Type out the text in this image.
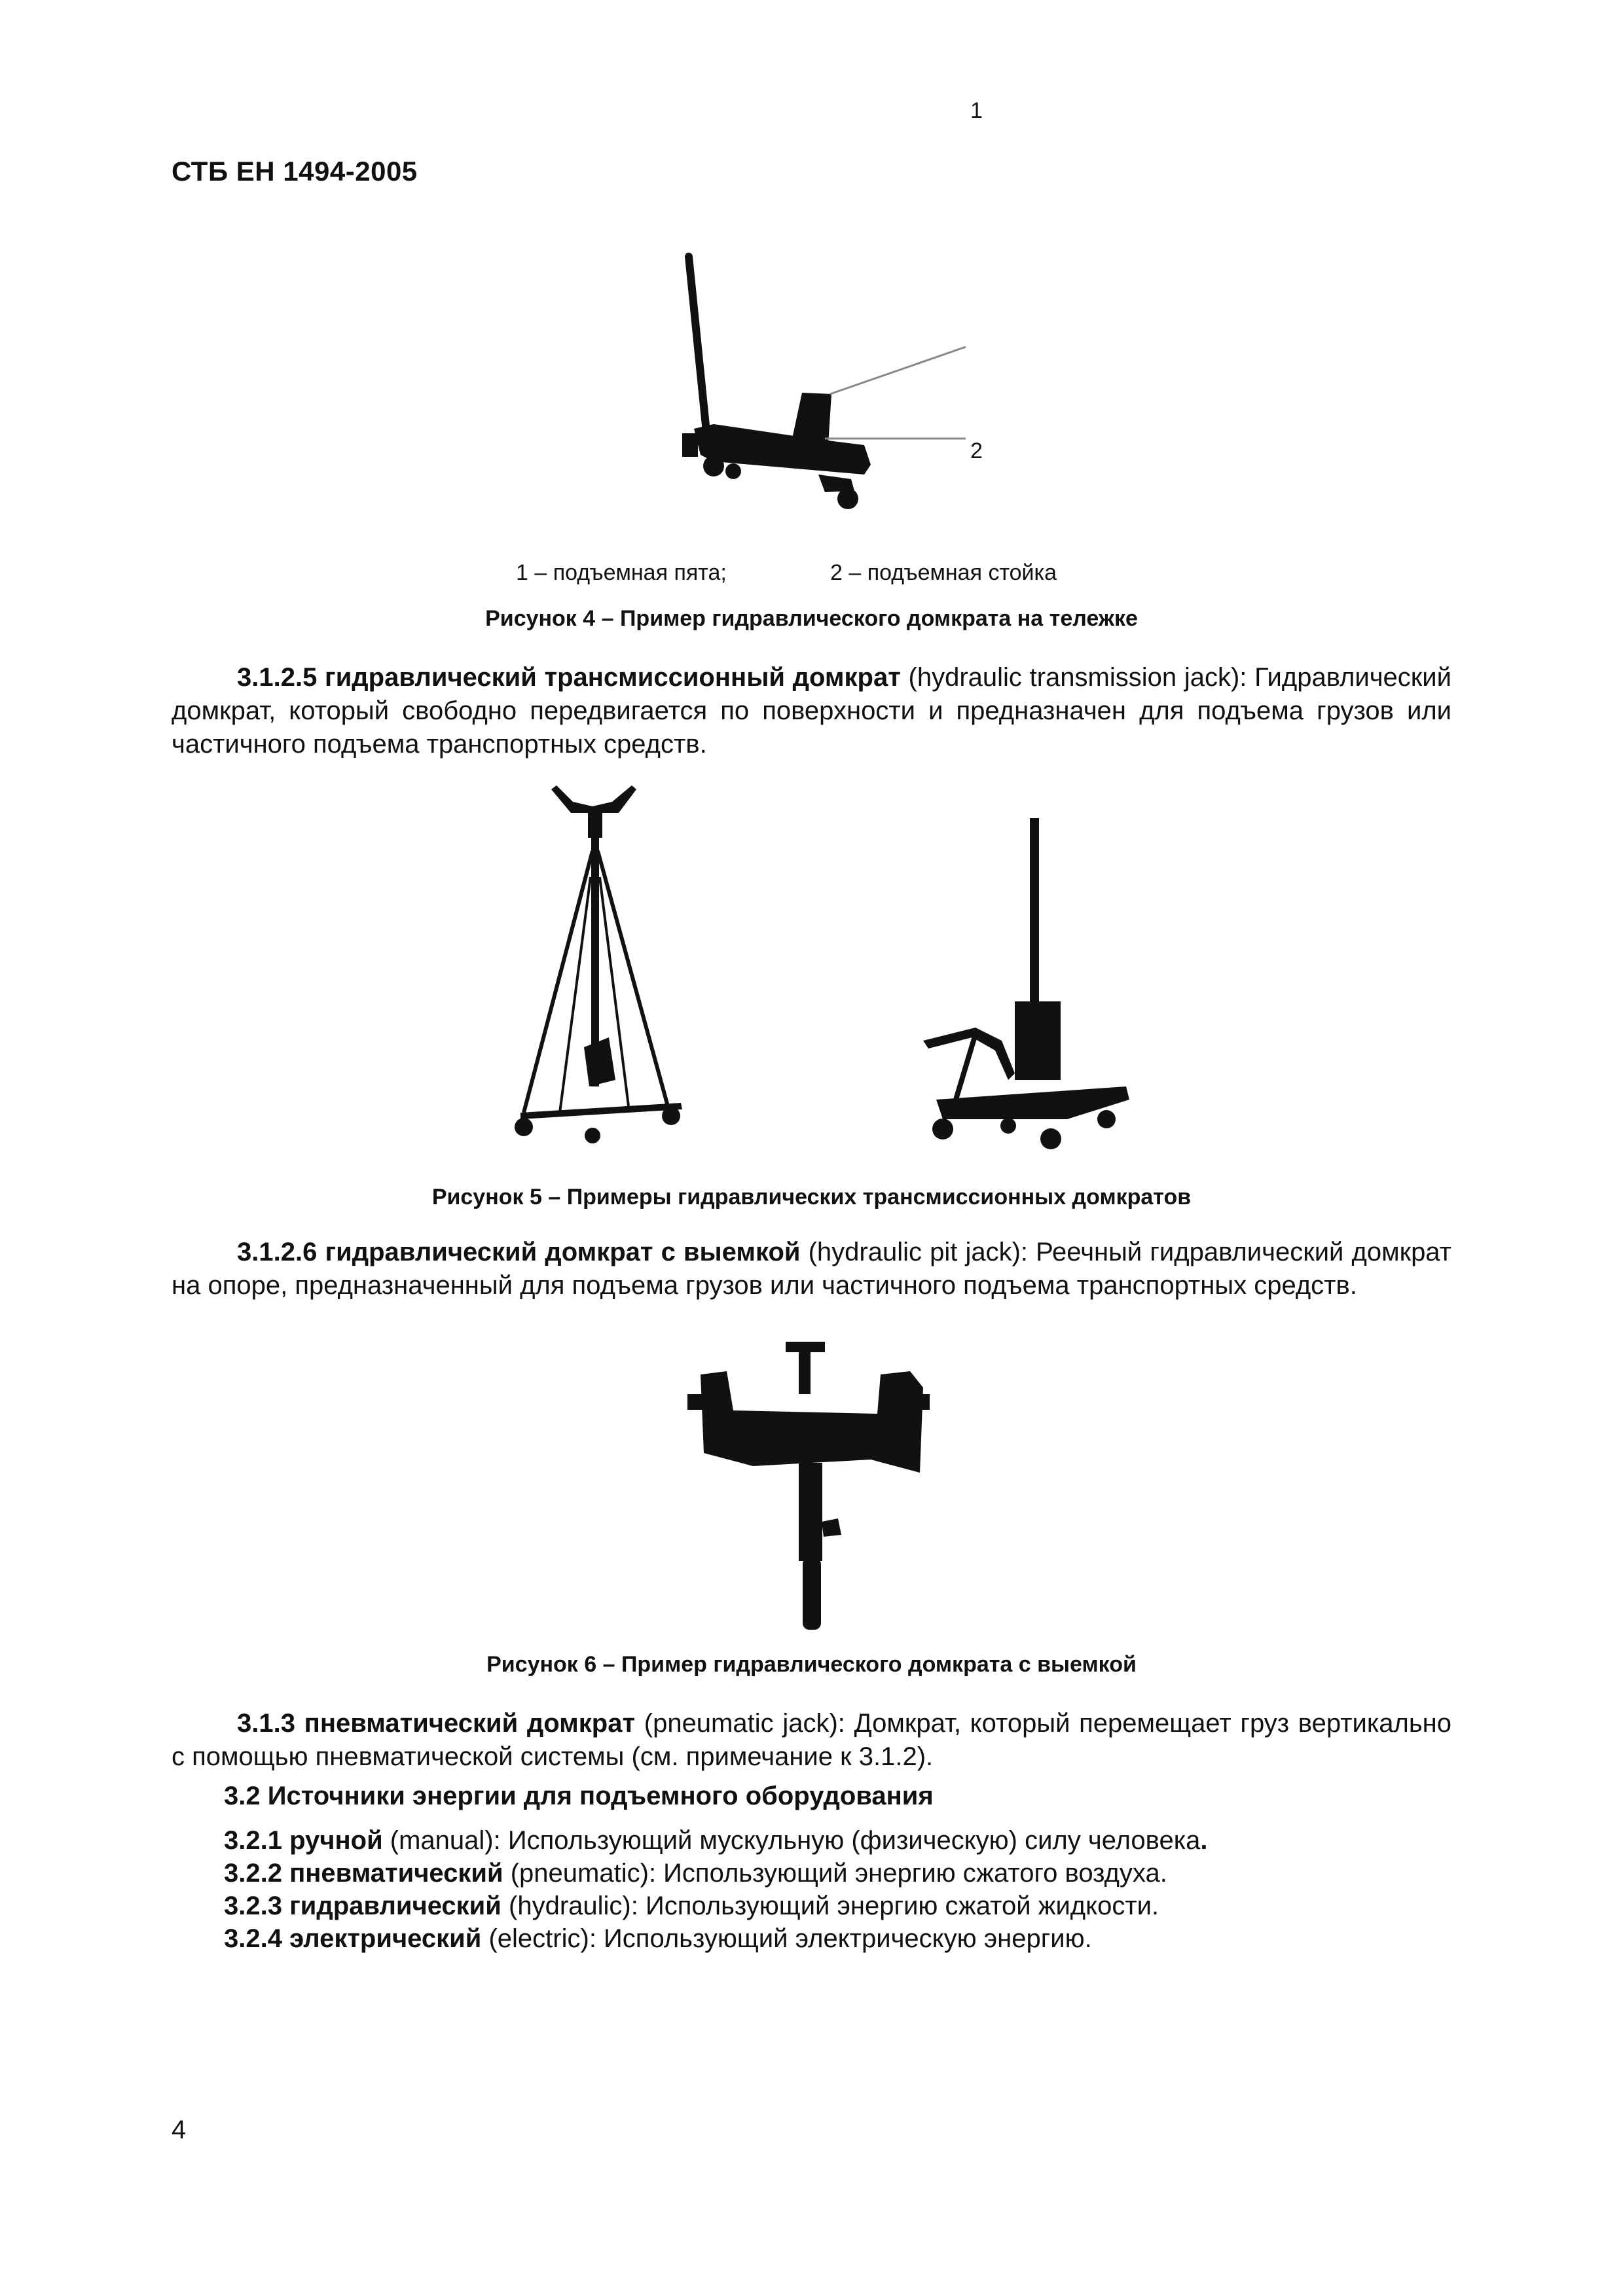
СТБ ЕН 1494-2005
1
2
1 – подъемная пята;	2 – подъемная стойка
Рисунок 4 – Пример гидравлического домкрата на тележке

3.1.2.5 гидравлический трансмиссионный домкрат (hydraulic transmission jack): Гидравлический домкрат, который свободно передвигается по поверхности и предназначен для подъема грузов или частичного подъема транспортных средств.

Рисунок 5 – Примеры гидравлических трансмиссионных домкратов

3.1.2.6 гидравлический домкрат с выемкой (hydraulic pit jack): Реечный гидравлический домкрат на опоре, предназначенный для подъема грузов или частичного подъема транспортных средств.

Рисунок 6 – Пример гидравлического домкрата с выемкой

3.1.3 пневматический домкрат (pneumatic jack): Домкрат, который перемещает груз вертикально с помощью пневматической системы (см. примечание к 3.1.2).

3.2 Источники энергии для подъемного оборудования
3.2.1 ручной (manual): Использующий мускульную (физическую) силу человека.
3.2.2 пневматический (pneumatic): Использующий энергию сжатого воздуха.
3.2.3 гидравлический (hydraulic): Использующий энергию сжатой жидкости.
3.2.4 электрический (electric): Использующий электрическую энергию.
4
